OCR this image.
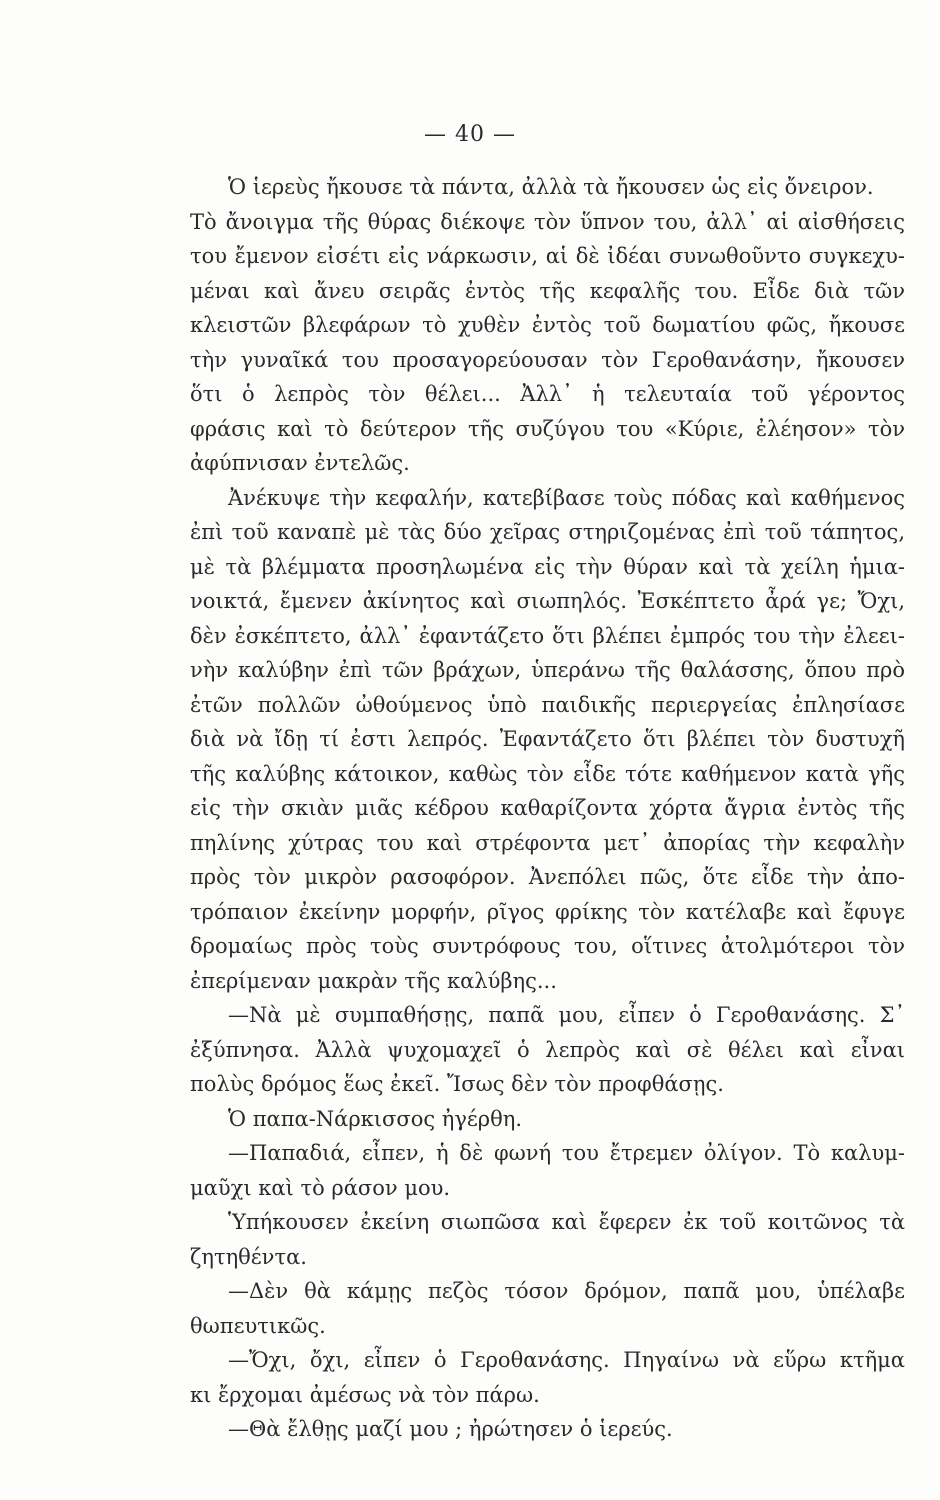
— 40 —
Ὁ ἱερεὺς ἤκουσε τὰ πάντα, ἀλλὰ τὰ ἤκουσεν ὡς εἰς ὄνειρον.
Τὸ ἄνοιγμα τῆς θύρας διέκοψε τὸν ὕπνον του, ἀλλ᾽ αἱ αἰσθήσεις
του ἔμενον εἰσέτι εἰς νάρκωσιν, αἱ δὲ ἰδέαι συνωθοῦντο συγκεχυ-
μέναι καὶ ἄνευ σειρᾶς ἐντὸς τῆς κεφαλῆς του. Εἶδε διὰ τῶν
κλειστῶν βλεφάρων τὸ χυθὲν ἐντὸς τοῦ δωματίου φῶς, ἤκουσε
τὴν γυναῖκά του προσαγορεύουσαν τὸν Γεροθανάσην, ἤκουσεν
ὅτι ὁ λεπρὸς τὸν θέλει... Ἀλλ᾽ ἡ τελευταία τοῦ γέροντος
φράσις καὶ τὸ δεύτερον τῆς συζύγου του «Κύριε, ἐλέησον» τὸν
ἀφύπνισαν ἐντελῶς.
Ἀνέκυψε τὴν κεφαλήν, κατεβίβασε τοὺς πόδας καὶ καθήμενος
ἐπὶ τοῦ καναπὲ μὲ τὰς δύο χεῖρας στηριζομένας ἐπὶ τοῦ τάπητος,
μὲ τὰ βλέμματα προσηλωμένα εἰς τὴν θύραν καὶ τὰ χείλη ἡμια-
νοικτά, ἔμενεν ἀκίνητος καὶ σιωπηλός. Ἐσκέπτετο ἆρά γε; Ὄχι,
δὲν ἐσκέπτετο, ἀλλ᾽ ἐφαντάζετο ὅτι βλέπει ἐμπρός του τὴν ἐλεει-
νὴν καλύβην ἐπὶ τῶν βράχων, ὑπεράνω τῆς θαλάσσης, ὅπου πρὸ
ἐτῶν πολλῶν ὠθούμενος ὑπὸ παιδικῆς περιεργείας ἐπλησίασε
διὰ νὰ ἴδῃ τί ἐστι λεπρός. Ἐφαντάζετο ὅτι βλέπει τὸν δυστυχῆ
τῆς καλύβης κάτοικον, καθὼς τὸν εἶδε τότε καθήμενον κατὰ γῆς
εἰς τὴν σκιὰν μιᾶς κέδρου καθαρίζοντα χόρτα ἄγρια ἐντὸς τῆς
πηλίνης χύτρας του καὶ στρέφοντα μετ᾽ ἀπορίας τὴν κεφαλὴν
πρὸς τὸν μικρὸν ρασοφόρον. Ἀνεπόλει πῶς, ὅτε εἶδε τὴν ἀπο-
τρόπαιον ἐκείνην μορφήν, ρῖγος φρίκης τὸν κατέλαβε καὶ ἔφυγε
δρομαίως πρὸς τοὺς συντρόφους του, οἵτινες ἀτολμότεροι τὸν
ἐπερίμεναν μακρὰν τῆς καλύβης...
—Νὰ μὲ συμπαθήσῃς, παπᾶ μου, εἶπεν ὁ Γεροθανάσης. Σ᾽
ἐξύπνησα. Ἀλλὰ ψυχομαχεῖ ὁ λεπρὸς καὶ σὲ θέλει καὶ εἶναι
πολὺς δρόμος ἕως ἐκεῖ. Ἴσως δὲν τὸν προφθάσῃς.
Ὁ παπα-Νάρκισσος ἠγέρθη.
—Παπαδιά, εἶπεν, ἡ δὲ φωνή του ἔτρεμεν ὀλίγον. Τὸ καλυμ-
μαῦχι καὶ τὸ ράσον μου.
Ὑπήκουσεν ἐκείνη σιωπῶσα καὶ ἔφερεν ἐκ τοῦ κοιτῶνος τὰ
ζητηθέντα.
—Δὲν θὰ κάμῃς πεζὸς τόσον δρόμον, παπᾶ μου, ὑπέλαβε
θωπευτικῶς.
—Ὄχι, ὄχι, εἶπεν ὁ Γεροθανάσης. Πηγαίνω νὰ εὕρω κτῆμα
κι ἔρχομαι ἀμέσως νὰ τὸν πάρω.
—Θὰ ἔλθῃς μαζί μου ; ἠρώτησεν ὁ ἱερεύς.
